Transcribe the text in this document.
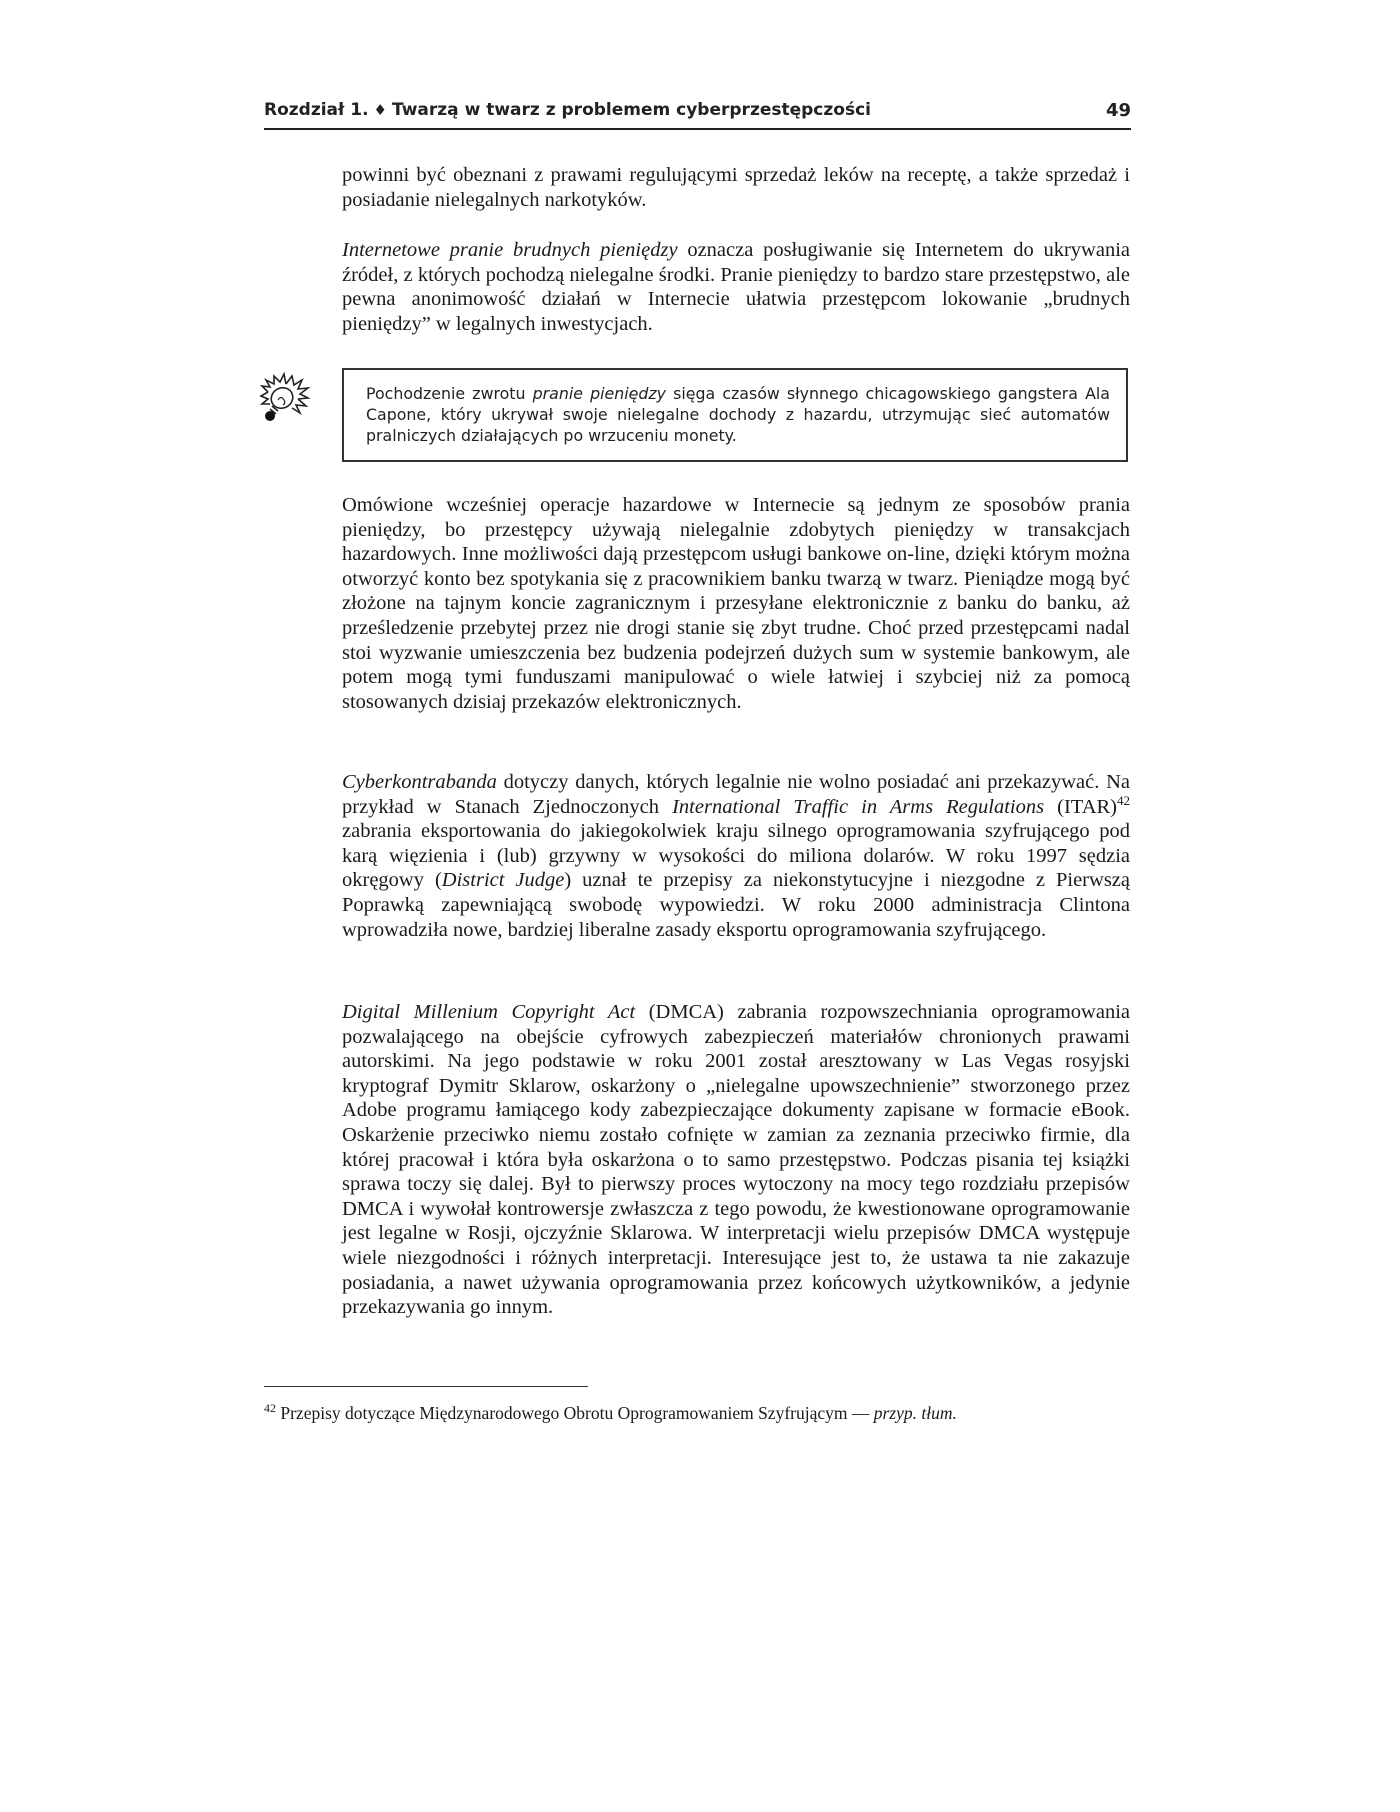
Rozdział 1. ♦ Twarzą w twarz z problemem cyberprzestępczości	49

powinni być obeznani z prawami regulującymi sprzedaż leków na receptę, a także sprzedaż i posiadanie nielegalnych narkotyków.

Internetowe pranie brudnych pieniędzy oznacza posługiwanie się Internetem do ukrywania źródeł, z których pochodzą nielegalne środki. Pranie pieniędzy to bardzo stare przestępstwo, ale pewna anonimowość działań w Internecie ułatwia przestępcom lokowanie „brudnych pieniędzy” w legalnych inwestycjach.

Pochodzenie zwrotu pranie pieniędzy sięga czasów słynnego chicagowskiego gangstera Ala Capone, który ukrywał swoje nielegalne dochody z hazardu, utrzymując sieć automatów pralniczych działających po wrzuceniu monety.

Omówione wcześniej operacje hazardowe w Internecie są jednym ze sposobów prania pieniędzy, bo przestępcy używają nielegalnie zdobytych pieniędzy w transakcjach hazardowych. Inne możliwości dają przestępcom usługi bankowe on-line, dzięki którym można otworzyć konto bez spotykania się z pracownikiem banku twarzą w twarz. Pieniądze mogą być złożone na tajnym koncie zagranicznym i przesyłane elektronicznie z banku do banku, aż prześledzenie przebytej przez nie drogi stanie się zbyt trudne. Choć przed przestępcami nadal stoi wyzwanie umieszczenia bez budzenia podejrzeń dużych sum w systemie bankowym, ale potem mogą tymi funduszami manipulować o wiele łatwiej i szybciej niż za pomocą stosowanych dzisiaj przekazów elektronicznych.

Cyberkontrabanda dotyczy danych, których legalnie nie wolno posiadać ani przekazywać. Na przykład w Stanach Zjednoczonych International Traffic in Arms Regulations (ITAR)$^{42}$ zabrania eksportowania do jakiegokolwiek kraju silnego oprogramowania szyfrującego pod karą więzienia i (lub) grzywny w wysokości do miliona dolarów. W roku 1997 sędzia okręgowy (District Judge) uznał te przepisy za niekonstytucyjne i niezgodne z Pierwszą Poprawką zapewniającą swobodę wypowiedzi. W roku 2000 administracja Clintona wprowadziła nowe, bardziej liberalne zasady eksportu oprogramowania szyfrującego.

Digital Millenium Copyright Act (DMCA) zabrania rozpowszechniania oprogramowania pozwalającego na obejście cyfrowych zabezpieczeń materiałów chronionych prawami autorskimi. Na jego podstawie w roku 2001 został aresztowany w Las Vegas rosyjski kryptograf Dymitr Sklarow, oskarżony o „nielegalne upowszechnienie” stworzonego przez Adobe programu łamiącego kody zabezpieczające dokumenty zapisane w formacie eBook. Oskarżenie przeciwko niemu zostało cofnięte w zamian za zeznania przeciwko firmie, dla której pracował i która była oskarżona o to samo przestępstwo. Podczas pisania tej książki sprawa toczy się dalej. Był to pierwszy proces wytoczony na mocy tego rozdziału przepisów DMCA i wywołał kontrowersje zwłaszcza z tego powodu, że kwestionowane oprogramowanie jest legalne w Rosji, ojczyźnie Sklarowa. W interpretacji wielu przepisów DMCA występuje wiele niezgodności i różnych interpretacji. Interesujące jest to, że ustawa ta nie zakazuje posiadania, a nawet używania oprogramowania przez końcowych użytkowników, a jedynie przekazywania go innym.

$^{42}$ Przepisy dotyczące Międzynarodowego Obrotu Oprogramowaniem Szyfrującym — przyp. tłum.
